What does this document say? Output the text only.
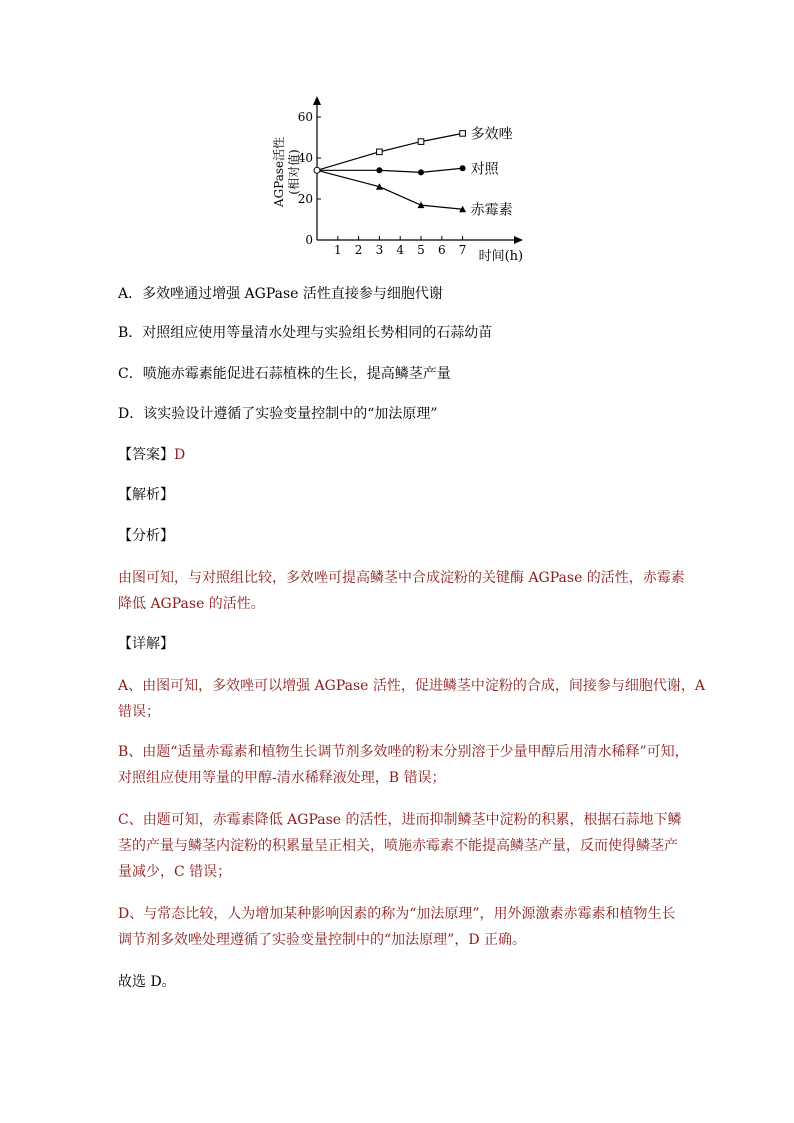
1 2 3 4 5 6 7
60
40
20
0
时间(h)
AGPase活性 (相对值)
多效唑
对照
赤霉素
A．多效唑通过增强 AGPase 活性直接参与细胞代谢
B．对照组应使用等量清水处理与实验组长势相同的石蒜幼苗
C．喷施赤霉素能促进石蒜植株的生长，提高鳞茎产量
D．该实验设计遵循了实验变量控制中的“加法原理”
【答案】D
【解析】
【分析】
由图可知，与对照组比较，多效唑可提高鳞茎中合成淀粉的关键酶 AGPase 的活性，赤霉素
降低 AGPase 的活性。
【详解】
A、由图可知，多效唑可以增强 AGPase 活性，促进鳞茎中淀粉的合成，间接参与细胞代谢，A
错误；
B、由题“适量赤霉素和植物生长调节剂多效唑的粉末分别溶于少量甲醇后用清水稀释”可知，
对照组应使用等量的甲醇-清水稀释液处理，B 错误；
C、由题可知，赤霉素降低 AGPase 的活性，进而抑制鳞茎中淀粉的积累，根据石蒜地下鳞
茎的产量与鳞茎内淀粉的积累量呈正相关，喷施赤霉素不能提高鳞茎产量，反而使得鳞茎产
量减少，C 错误；
D、与常态比较，人为增加某种影响因素的称为“加法原理”，用外源激素赤霉素和植物生长
调节剂多效唑处理遵循了实验变量控制中的“加法原理”，D 正确。
故选 D。
